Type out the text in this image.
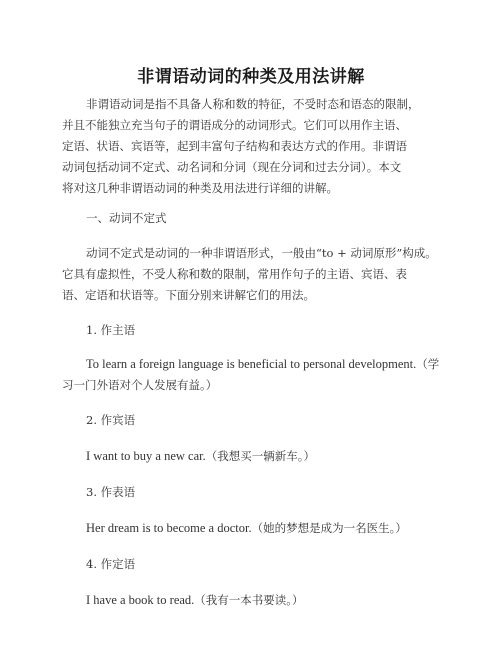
非谓语动词的种类及用法讲解
非谓语动词是指不具备人称和数的特征，不受时态和语态的限制，
并且不能独立充当句子的谓语成分的动词形式。它们可以用作主语、
定语、状语、宾语等，起到丰富句子结构和表达方式的作用。非谓语
动词包括动词不定式、动名词和分词（现在分词和过去分词）。本文
将对这几种非谓语动词的种类及用法进行详细的讲解。
一、动词不定式
动词不定式是动词的一种非谓语形式，一般由“to + 动词原形”构成。
它具有虚拟性，不受人称和数的限制，常用作句子的主语、宾语、表
语、定语和状语等。下面分别来讲解它们的用法。
1. 作主语
To learn a foreign language is beneficial to personal development.（学
习一门外语对个人发展有益。）
2. 作宾语
I want to buy a new car.（我想买一辆新车。）
3. 作表语
Her dream is to become a doctor.（她的梦想是成为一名医生。）
4. 作定语
I have a book to read.（我有一本书要读。）
